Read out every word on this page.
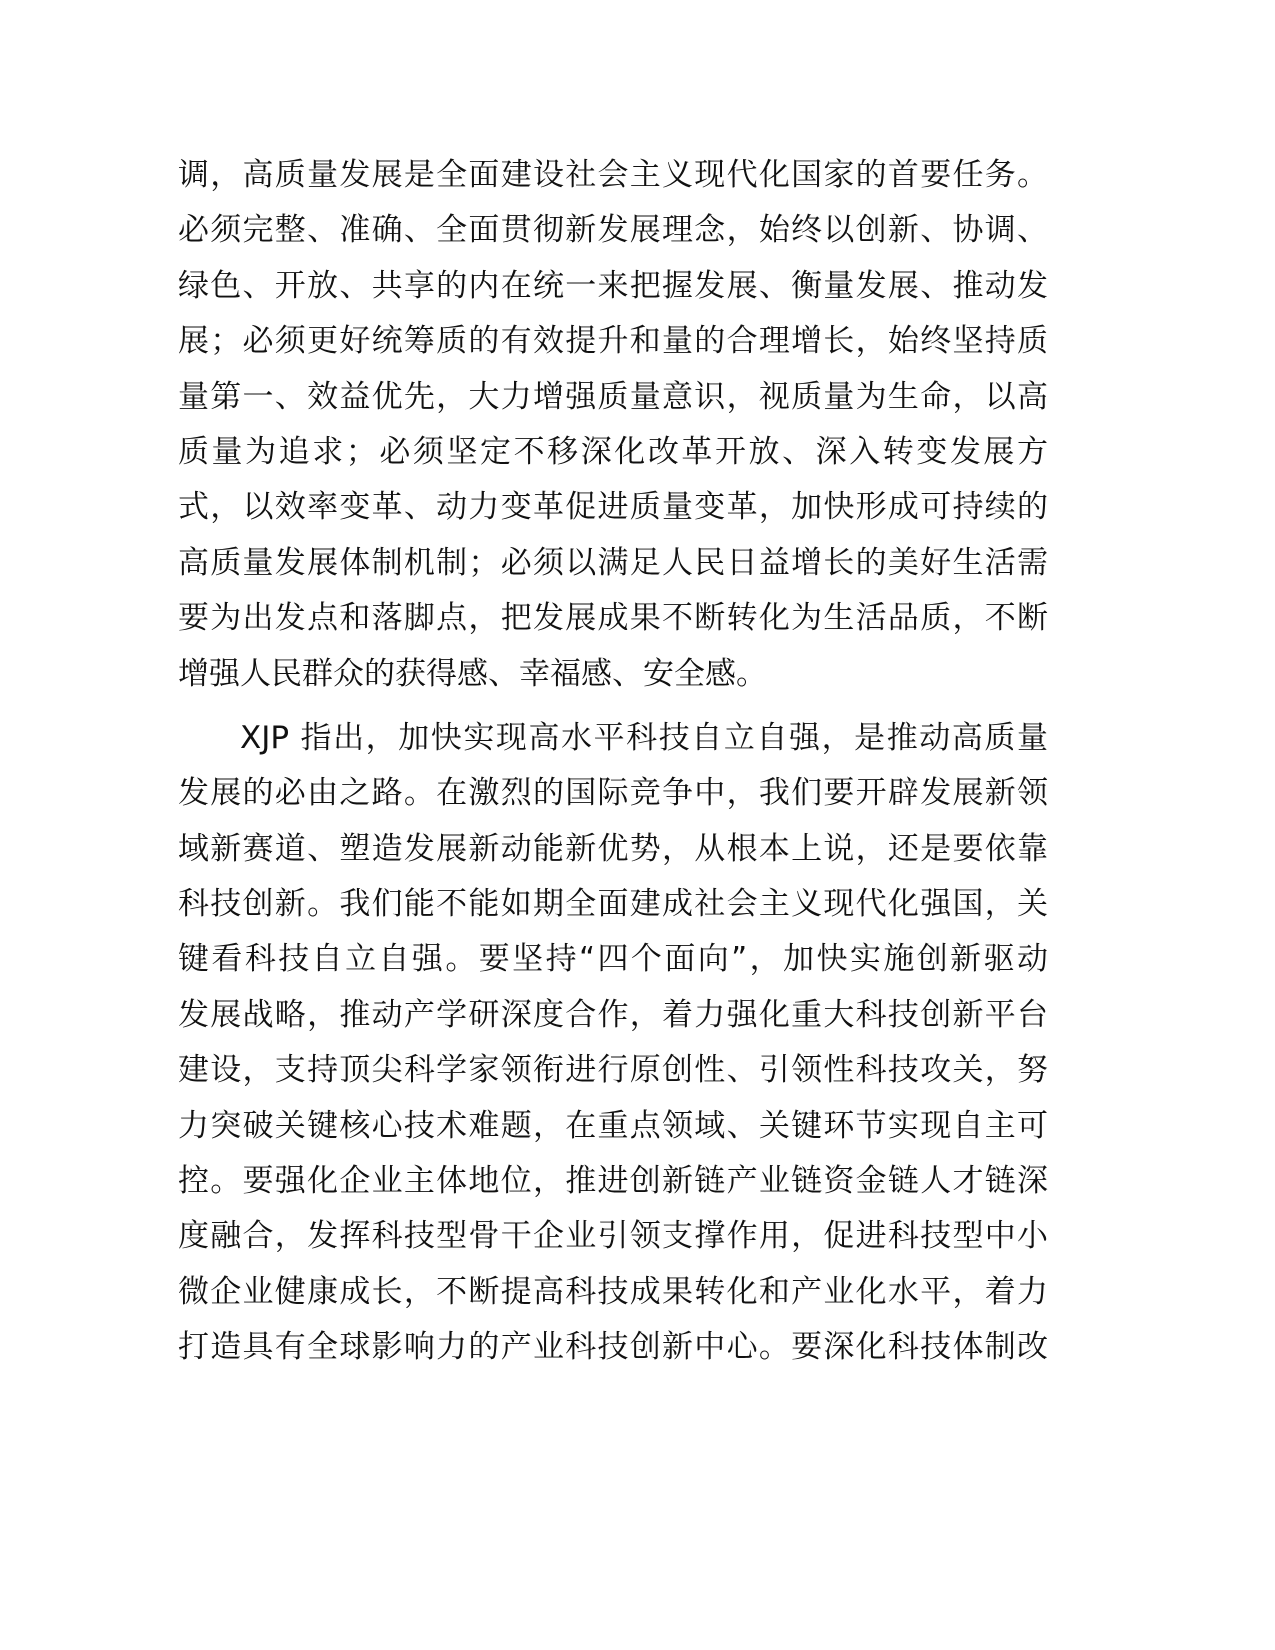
调，高质量发展是全面建设社会主义现代化国家的首要任务。
必须完整、准确、全面贯彻新发展理念，始终以创新、协调、
绿色、开放、共享的内在统一来把握发展、衡量发展、推动发
展；必须更好统筹质的有效提升和量的合理增长，始终坚持质
量第一、效益优先，大力增强质量意识，视质量为生命，以高
质量为追求；必须坚定不移深化改革开放、深入转变发展方
式，以效率变革、动力变革促进质量变革，加快形成可持续的
高质量发展体制机制；必须以满足人民日益增长的美好生活需
要为出发点和落脚点，把发展成果不断转化为生活品质，不断
增强人民群众的获得感、幸福感、安全感。

XJP 指出，加快实现高水平科技自立自强，是推动高质量
发展的必由之路。在激烈的国际竞争中，我们要开辟发展新领
域新赛道、塑造发展新动能新优势，从根本上说，还是要依靠
科技创新。我们能不能如期全面建成社会主义现代化强国，关
键看科技自立自强。要坚持“四个面向”，加快实施创新驱动
发展战略，推动产学研深度合作，着力强化重大科技创新平台
建设，支持顶尖科学家领衔进行原创性、引领性科技攻关，努
力突破关键核心技术难题，在重点领域、关键环节实现自主可
控。要强化企业主体地位，推进创新链产业链资金链人才链深
度融合，发挥科技型骨干企业引领支撑作用，促进科技型中小
微企业健康成长，不断提高科技成果转化和产业化水平，着力
打造具有全球影响力的产业科技创新中心。要深化科技体制改
